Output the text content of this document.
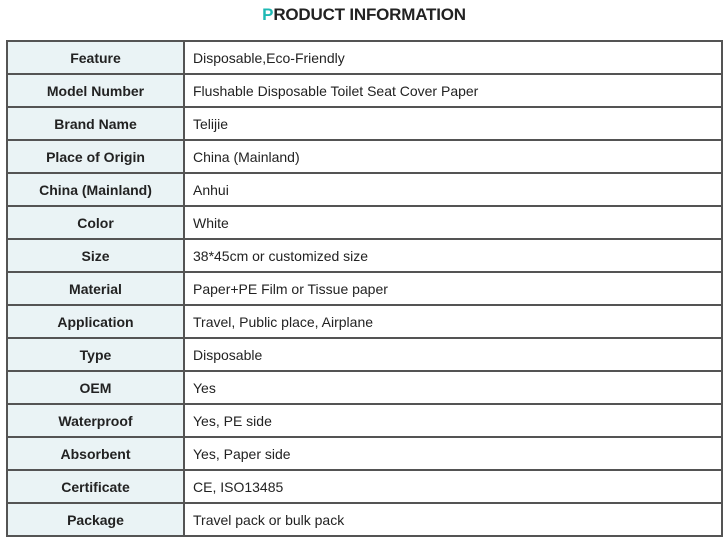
PRODUCT INFORMATION
Feature	Disposable,Eco-Friendly
Model Number	Flushable Disposable Toilet Seat Cover Paper
Brand Name	Telijie
Place of Origin	China (Mainland)
China (Mainland)	Anhui
Color	White
Size	38*45cm or customized size
Material	Paper+PE Film or Tissue paper
Application	Travel, Public place, Airplane
Type	Disposable
OEM	Yes
Waterproof	Yes, PE side
Absorbent	Yes, Paper side
Certificate	CE, ISO13485
Package	Travel pack or bulk pack
